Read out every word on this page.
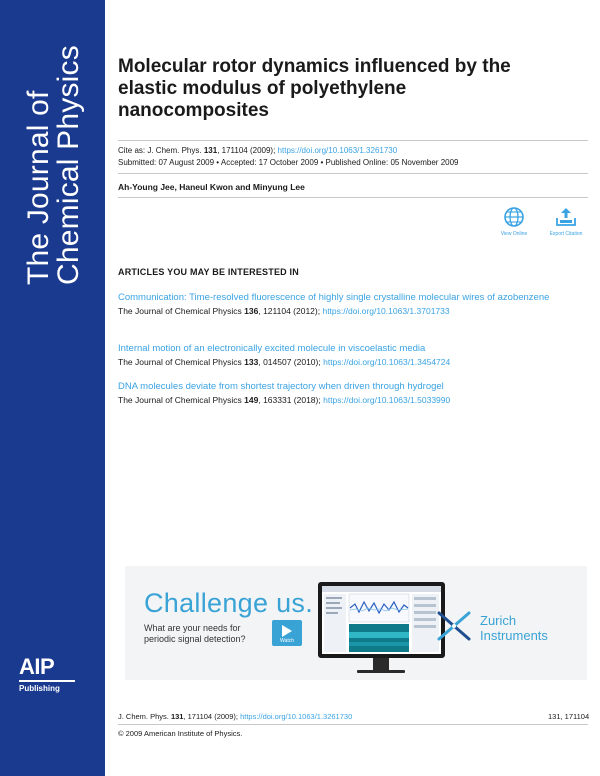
The Journal of
Chemical Physics
AIP
Publishing
Molecular rotor dynamics influenced by the elastic modulus of polyethylene nanocomposites
Cite as: J. Chem. Phys. 131, 171104 (2009); https://doi.org/10.1063/1.3261730
Submitted: 07 August 2009 • Accepted: 17 October 2009 • Published Online: 05 November 2009
Ah-Young Jee, Haneul Kwon and Minyung Lee
View Online	Export Citation
ARTICLES YOU MAY BE INTERESTED IN
Communication: Time-resolved fluorescence of highly single crystalline molecular wires of azobenzene
The Journal of Chemical Physics 136, 121104 (2012); https://doi.org/10.1063/1.3701733
Internal motion of an electronically excited molecule in viscoelastic media
The Journal of Chemical Physics 133, 014507 (2010); https://doi.org/10.1063/1.3454724
DNA molecules deviate from shortest trajectory when driven through hydrogel
The Journal of Chemical Physics 149, 163331 (2018); https://doi.org/10.1063/1.5033990
Challenge us.
What are your needs for
periodic signal detection?	Watch
Zurich
Instruments
J. Chem. Phys. 131, 171104 (2009); https://doi.org/10.1063/1.3261730	131, 171104
© 2009 American Institute of Physics.
